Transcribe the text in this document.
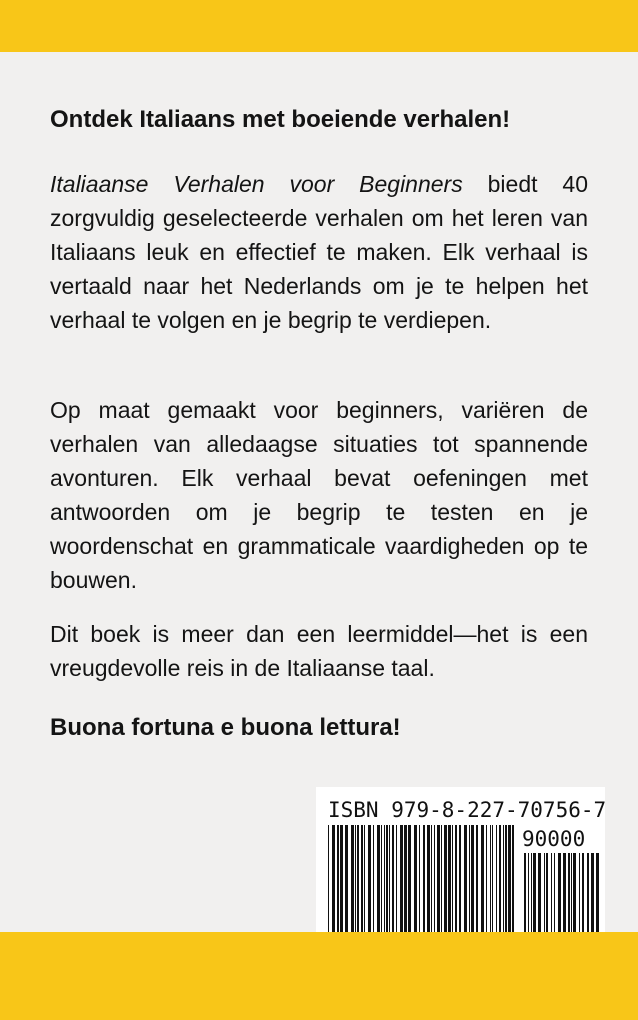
Ontdek Italiaans met boeiende verhalen!
Italiaanse Verhalen voor Beginners biedt 40 zorgvuldig geselecteerde verhalen om het leren van Italiaans leuk en effectief te maken. Elk verhaal is vertaald naar het Nederlands om je te helpen het verhaal te volgen en je begrip te verdiepen.
Op maat gemaakt voor beginners, variëren de verhalen van alledaagse situaties tot spannende avonturen. Elk verhaal bevat oefeningen met antwoorden om je begrip te testen en je woordenschat en grammaticale vaardigheden op te bouwen.
Dit boek is meer dan een leermiddel—het is een vreugdevolle reis in de Italiaanse taal.
Buona fortuna e buona lettura!
ISBN 979-8-227-70756-7
90000
